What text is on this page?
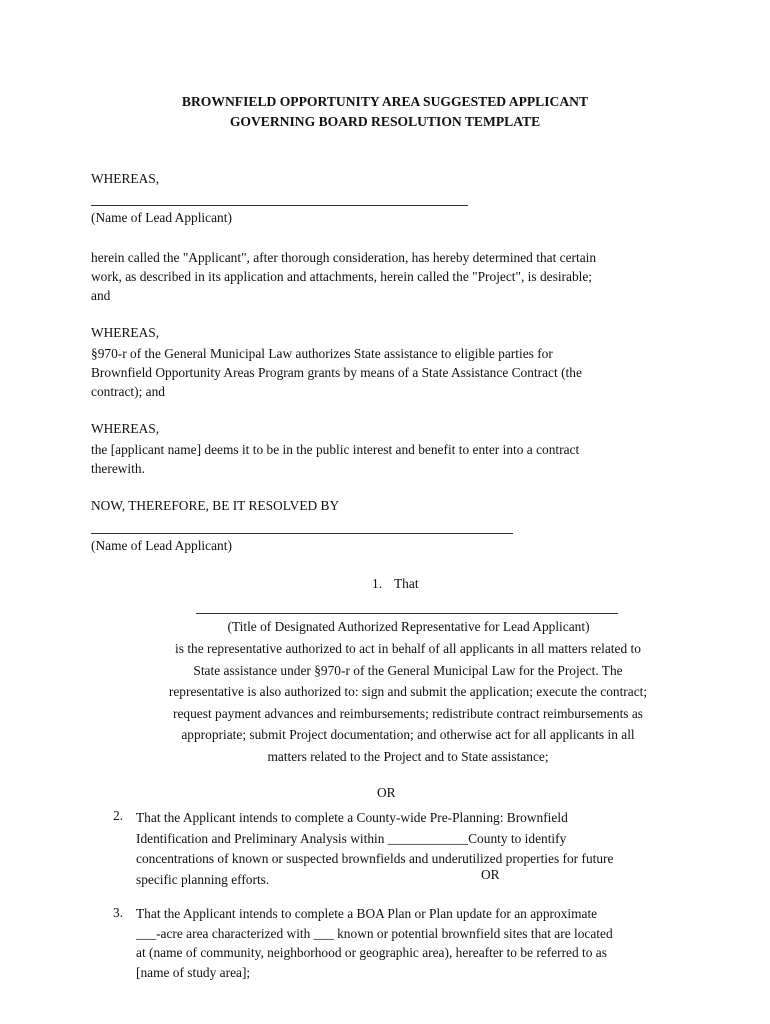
BROWNFIELD OPPORTUNITY AREA SUGGESTED APPLICANT
GOVERNING BOARD RESOLUTION TEMPLATE
WHEREAS,
(Name of Lead Applicant)
herein called the "Applicant", after thorough consideration, has hereby determined that certain
work, as described in its application and attachments, herein called the "Project", is desirable;
and
WHEREAS,
§970-r of the General Municipal Law authorizes State assistance to eligible parties for
Brownfield Opportunity Areas Program grants by means of a State Assistance Contract (the
contract); and
WHEREAS,
the [applicant name] deems it to be in the public interest and benefit to enter into a contract
therewith.
NOW, THEREFORE, BE IT RESOLVED BY
(Name of Lead Applicant)
1. That
(Title of Designated Authorized Representative for Lead Applicant)
is the representative authorized to act in behalf of all applicants in all matters related to
State assistance under §970-r of the General Municipal Law for the Project. The
representative is also authorized to: sign and submit the application; execute the contract;
request payment advances and reimbursements; redistribute contract reimbursements as
appropriate; submit Project documentation; and otherwise act for all applicants in all
matters related to the Project and to State assistance;
OR
2. That the Applicant intends to complete a County-wide Pre-Planning: Brownfield
Identification and Preliminary Analysis within ____________County to identify
concentrations of known or suspected brownfields and underutilized properties for future
specific planning efforts.	OR
3. That the Applicant intends to complete a BOA Plan or Plan update for an approximate
___-acre area characterized with ___ known or potential brownfield sites that are located
at (name of community, neighborhood or geographic area), hereafter to be referred to as
[name of study area];
